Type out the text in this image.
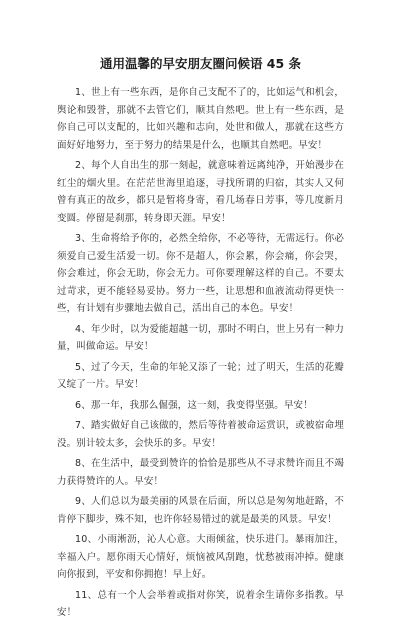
通用温馨的早安朋友圈问候语 45 条

1、世上有一些东西，是你自己支配不了的，比如运气和机会，舆论和毁誉，那就不去管它们，顺其自然吧。世上有一些东西，是你自己可以支配的，比如兴趣和志向，处世和做人，那就在这些方面好好地努力，至于努力的结果是什么，也顺其自然吧。早安！

2、每个人自出生的那一刻起，就意味着远离纯净，开始漫步在红尘的烟火里。在茫茫世海里追逐，寻找所谓的归宿，其实人又何曾有真正的故乡，都只是暂将身寄，看几场春日芳事，等几度新月变圆。停留是刹那，转身即天涯。早安！

3、生命将给予你的，必然全给你，不必等待，无需远行。你必须爱自己爱生活爱一切。你不是超人，你会累，你会痛，你会哭，你会难过，你会无助，你会无力。可你要理解这样的自己。不要太过苛求，更不能轻易妥协。努力一些，让思想和血液流动得更快一些，有计划有步骤地去做自己，活出自己的本色。早安！

4、年少时，以为爱能超越一切，那时不明白，世上另有一种力量，叫做命运。早安！

5、过了今天，生命的年轮又添了一轮；过了明天，生活的花瓣又绽了一片。早安！

6、那一年，我那么倔强，这一刻，我变得坚强。早安！

7、踏实做好自己该做的，然后等待着被命运赏识，或被宿命埋没。别计较太多，会快乐的多。早安！

8、在生活中，最受到赞许的恰恰是那些从不寻求赞许而且不竭力获得赞许的人。早安！

9、人们总以为最美丽的风景在后面，所以总是匆匆地赶路，不肯停下脚步，殊不知，也许你轻易错过的就是最美的风景。早安！

10、小雨淅沥，沁人心意。大雨倾盆，快乐进门。暴雨加注，幸福入户。愿你雨天心情好，烦恼被风刮跑，忧愁被雨冲掉。健康向你报到，平安和你拥抱！早上好。

11、总有一个人会举着或指对你笑，说着余生请你多指教。早安！
